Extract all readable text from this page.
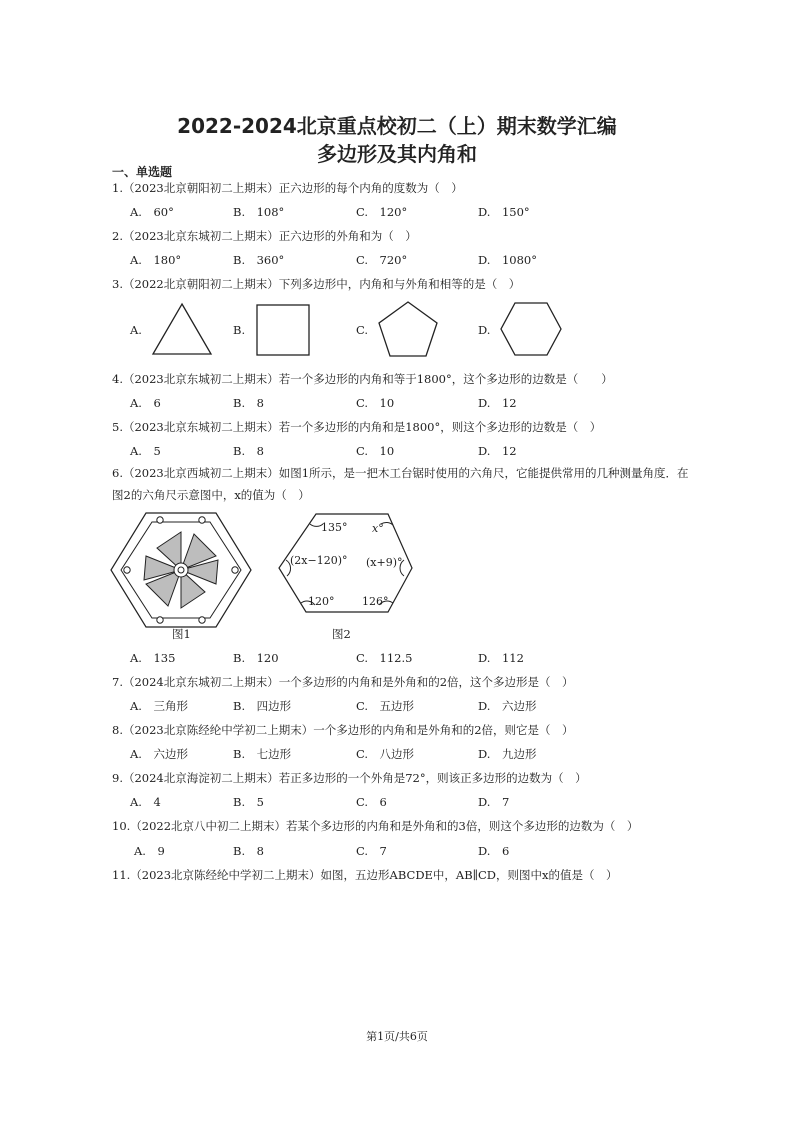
2022-2024北京重点校初二（上）期末数学汇编
多边形及其内角和
一、单选题
1.（2023北京朝阳初二上期末）正六边形的每个内角的度数为（　）
A.　60°	B.　108°	C.　120°	D.　150°
2.（2023北京东城初二上期末）正六边形的外角和为（　）
A.　180°	B.　360°	C.　720°	D.　1080°
3.（2022北京朝阳初二上期末）下列多边形中，内角和与外角和相等的是（　）
A.	B.	C.	D.
4.（2023北京东城初二上期末）若一个多边形的内角和等于1800°，这个多边形的边数是（　　）
A.　6	B.　8	C.　10	D.　12
5.（2023北京东城初二上期末）若一个多边形的内角和是1800°，则这个多边形的边数是（　）
A.　5	B.　8	C.　10	D.　12
6.（2023北京西城初二上期末）如图1所示，是一把木工台锯时使用的六角尺，它能提供常用的几种测量角度．在图2的六角尺示意图中，x的值为（　）
图1
135° x°
(2x−120)° (x+9)°
120°	126°
图2
A.　135	B.　120	C.　112.5	D.　112
7.（2024北京东城初二上期末）一个多边形的内角和是外角和的2倍，这个多边形是（　）
A.　三角形	B.　四边形	C.　五边形	D.　六边形
8.（2023北京陈经纶中学初二上期末）一个多边形的内角和是外角和的2倍，则它是（　）
A.　六边形	B.　七边形	C.　八边形	D.　九边形
9.（2024北京海淀初二上期末）若正多边形的一个外角是72°，则该正多边形的边数为（　）
A.　4	B.　5	C.　6	D.　7
10.（2022北京八中初二上期末）若某个多边形的内角和是外角和的3倍，则这个多边形的边数为（　）
A.　9	B.　8	C.　7	D.　6
11.（2023北京陈经纶中学初二上期末）如图，五边形ABCDE中，AB∥CD，则图中x的值是（　）
第1页/共6页
